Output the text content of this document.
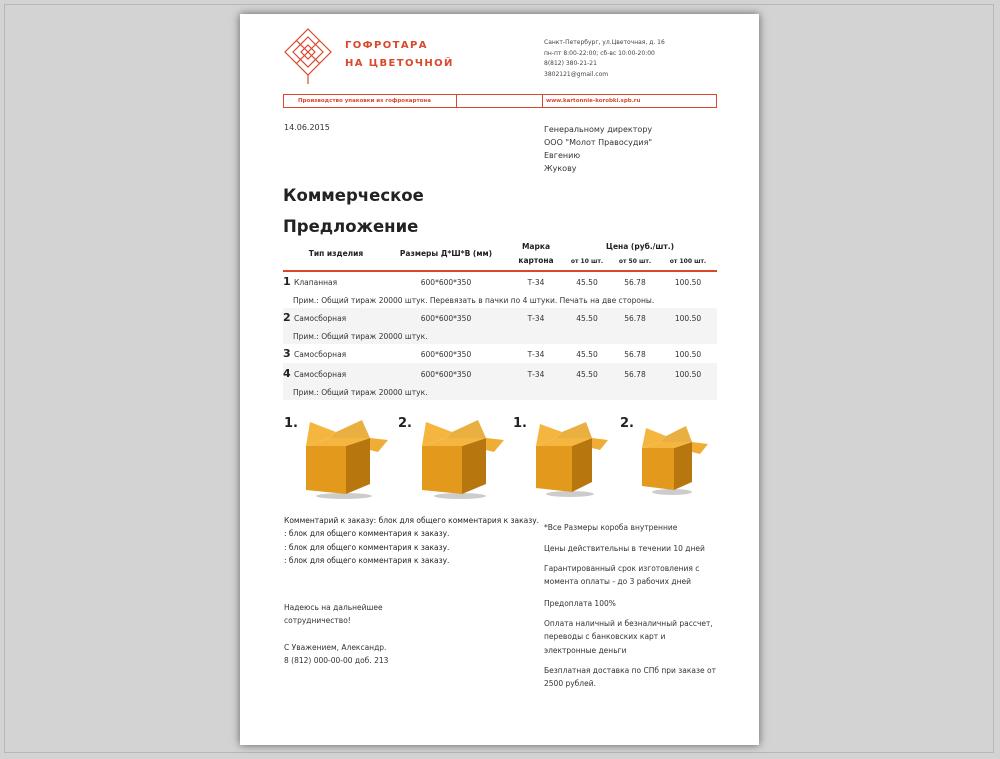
ГОФРОТАРА
НА ЦВЕТОЧНОЙ
Санкт-Петербург, ул.Цветочная, д. 16
пн-пт 8:00-22:00; сб-вс 10:00-20:00
8(812) 380-21-21
3802121@gmail.com
Производство упаковки из гофрокартона	www.kartonnie-korobki.spb.ru
14.06.2015	Генеральному директору
ООО "Молот Правосудия"
Евгению
Жукову
Коммерческое
Предложение
Тип изделия	Размеры Д*Ш*В (мм)
Марка
картона
Цена (руб./шт.)
от 10 шт.	от 50 шт.	от 100 шт.
1 Клапанная	600*600*350	Т-34	45.50	56.78	100.50
Прим.: Общий тираж 20000 штук. Перевязать в пачки по 4 штуки. Печать на две стороны.
2 Самосборная	600*600*350	Т-34	45.50	56.78	100.50
Прим.: Общий тираж 20000 штук.
3 Самосборная	600*600*350	Т-34	45.50	56.78	100.50
4 Самосборная	600*600*350	Т-34	45.50	56.78	100.50
Прим.: Общий тираж 20000 штук.
1.	2.	1.	2.
Комментарий к заказу: блок для общего комментария к заказу.
: блок для общего комментария к заказу.
: блок для общего комментария к заказу.
: блок для общего комментария к заказу.
Надеюсь на дальнейшее
сотрудничество!
С Уважением, Александр.
8 (812) 000-00-00 доб. 213
*Все Размеры короба внутренние
Цены действительны в течении 10 дней
Гарантированный срок изготовления с момента оплаты - до 3 рабочих дней
Предоплата 100%
Оплата наличный и безналичный рассчет, переводы с банковских карт и электронные деньги
Безплатная доставка по СПб при заказе от 2500 рублей.
